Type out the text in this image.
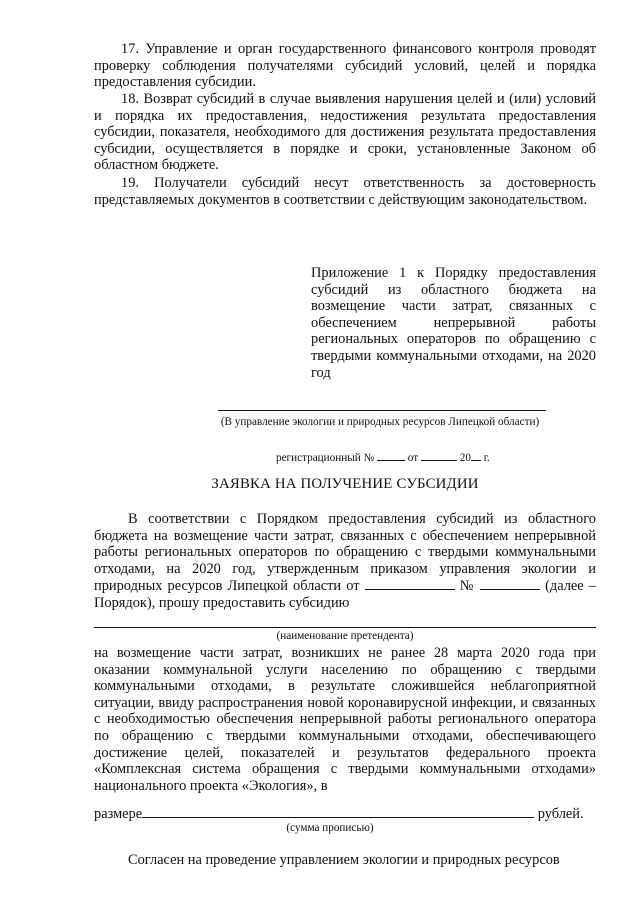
17. Управление и орган государственного финансового контроля проводят проверку соблюдения получателями субсидий условий, целей и порядка предоставления субсидии.

18. Возврат субсидий в случае выявления нарушения целей и (или) условий и порядка их предоставления, недостижения результата предоставления субсидии, показателя, необходимого для достижения результата предоставления субсидии, осуществляется в порядке и сроки, установленные Законом об областном бюджете.

19. Получатели субсидий несут ответственность за достоверность представляемых документов в соответствии с действующим законодательством.

Приложение 1 к Порядку предоставления субсидий из областного бюджета на возмещение части затрат, связанных с обеспечением непрерывной работы региональных операторов по обращению с твердыми коммунальными отходами, на 2020 год

(В управление экологии и природных ресурсов Липецкой области)
регистрационный №	от	20 г.
ЗАЯВКА НА ПОЛУЧЕНИЕ СУБСИДИИ
В соответствии с Порядком предоставления субсидий из областного бюджета на возмещение части затрат, связанных с обеспечением непрерывной работы региональных операторов по обращению с твердыми коммунальными отходами, на 2020 год, утвержденным приказом управления экологии и природных ресурсов Липецкой области от	№	(далее – Порядок), прошу предоставить субсидию
(наименование претендента)

на возмещение части затрат, возникших не ранее 28 марта 2020 года при оказании коммунальной услуги населению по обращению с твердыми коммунальными отходами, в результате сложившейся неблагоприятной ситуации, ввиду распространения новой коронавирусной инфекции, и связанных с необходимостью обеспечения непрерывной работы регионального оператора по обращению с твердыми коммунальными отходами, обеспечивающего достижение целей, показателей и результатов федерального проекта «Комплексная система обращения с твердыми коммунальными отходами» национального проекта «Экология», в

размере	рублей.
(сумма прописью)

Согласен на проведение управлением экологии и природных ресурсов
